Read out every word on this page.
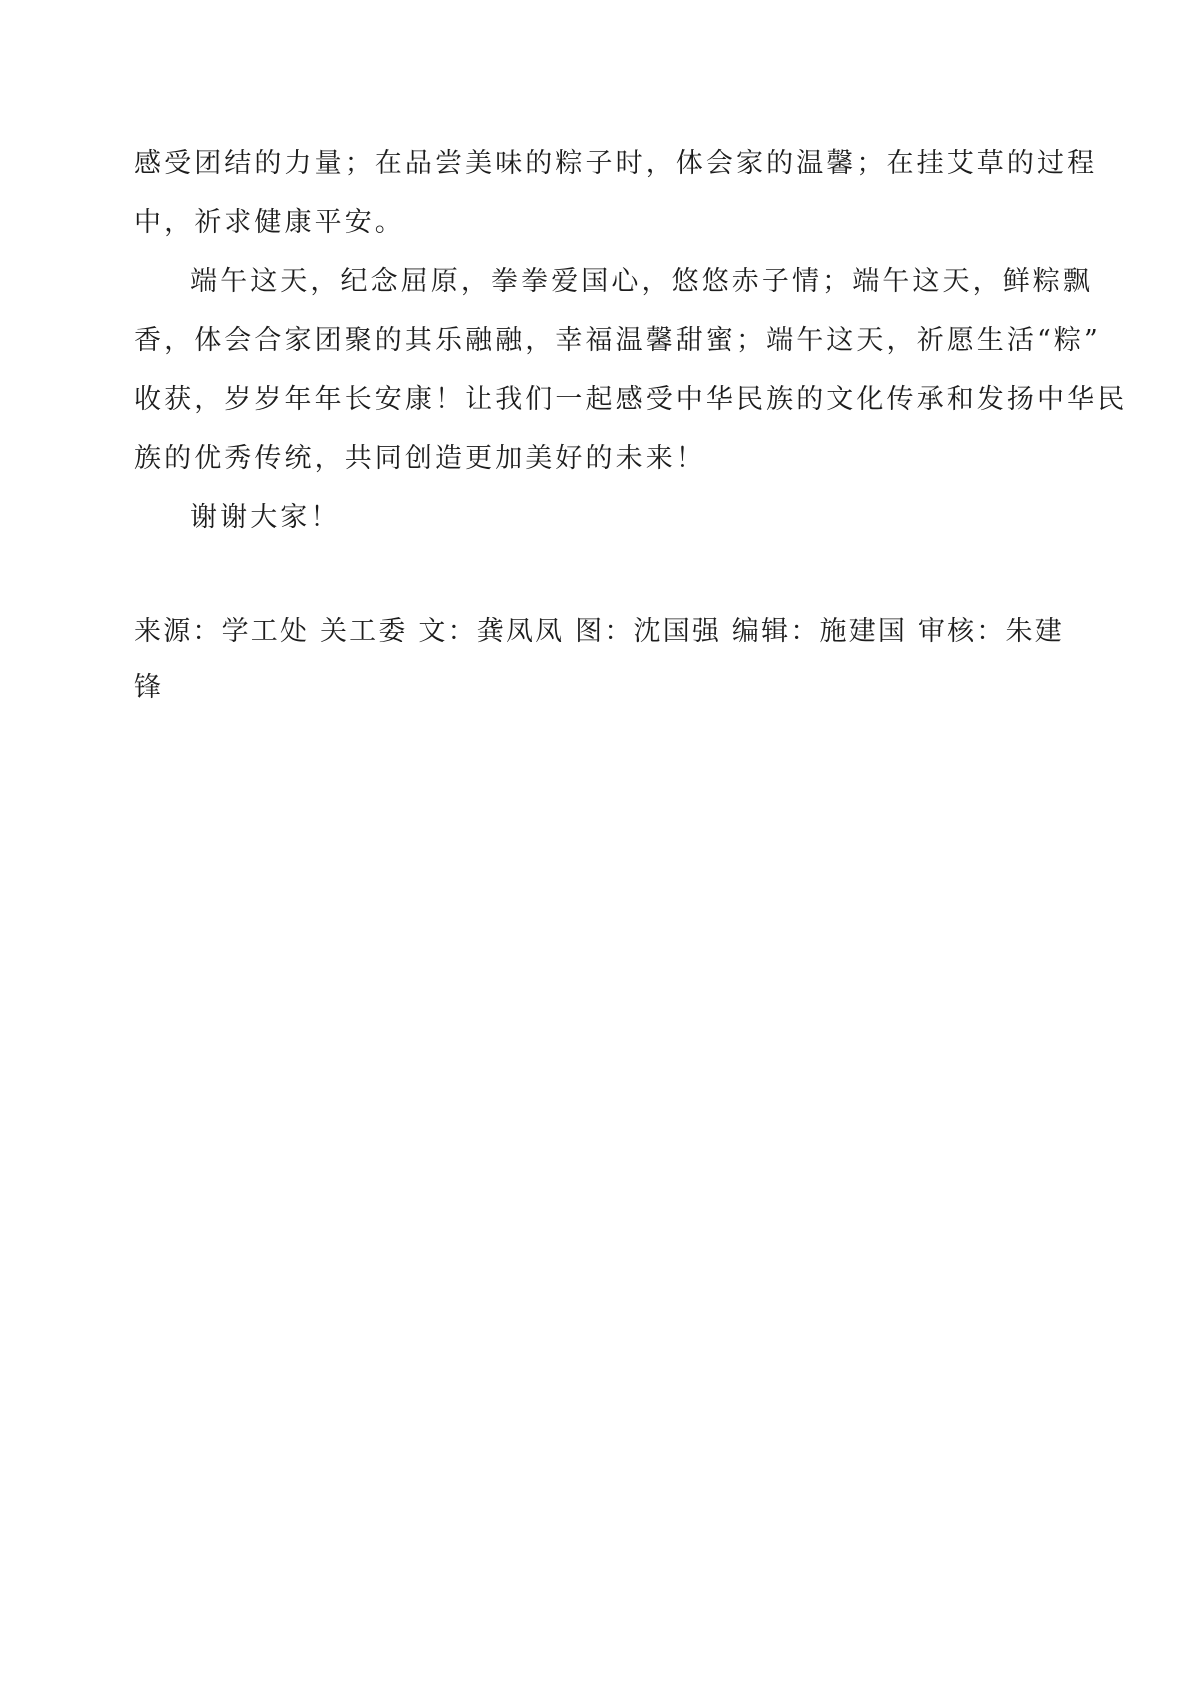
感受团结的力量；在品尝美味的粽子时，体会家的温馨；在挂艾草的过程
中，祈求健康平安。
端午这天，纪念屈原，拳拳爱国心，悠悠赤子情；端午这天，鲜粽飘
香，体会合家团聚的其乐融融，幸福温馨甜蜜；端午这天，祈愿生活“粽”
收获，岁岁年年长安康！让我们一起感受中华民族的文化传承和发扬中华民
族的优秀传统，共同创造更加美好的未来！
谢谢大家！
来源：学工处 关工委 文：龚凤凤 图：沈国强 编辑：施建国 审核：朱建
锋
